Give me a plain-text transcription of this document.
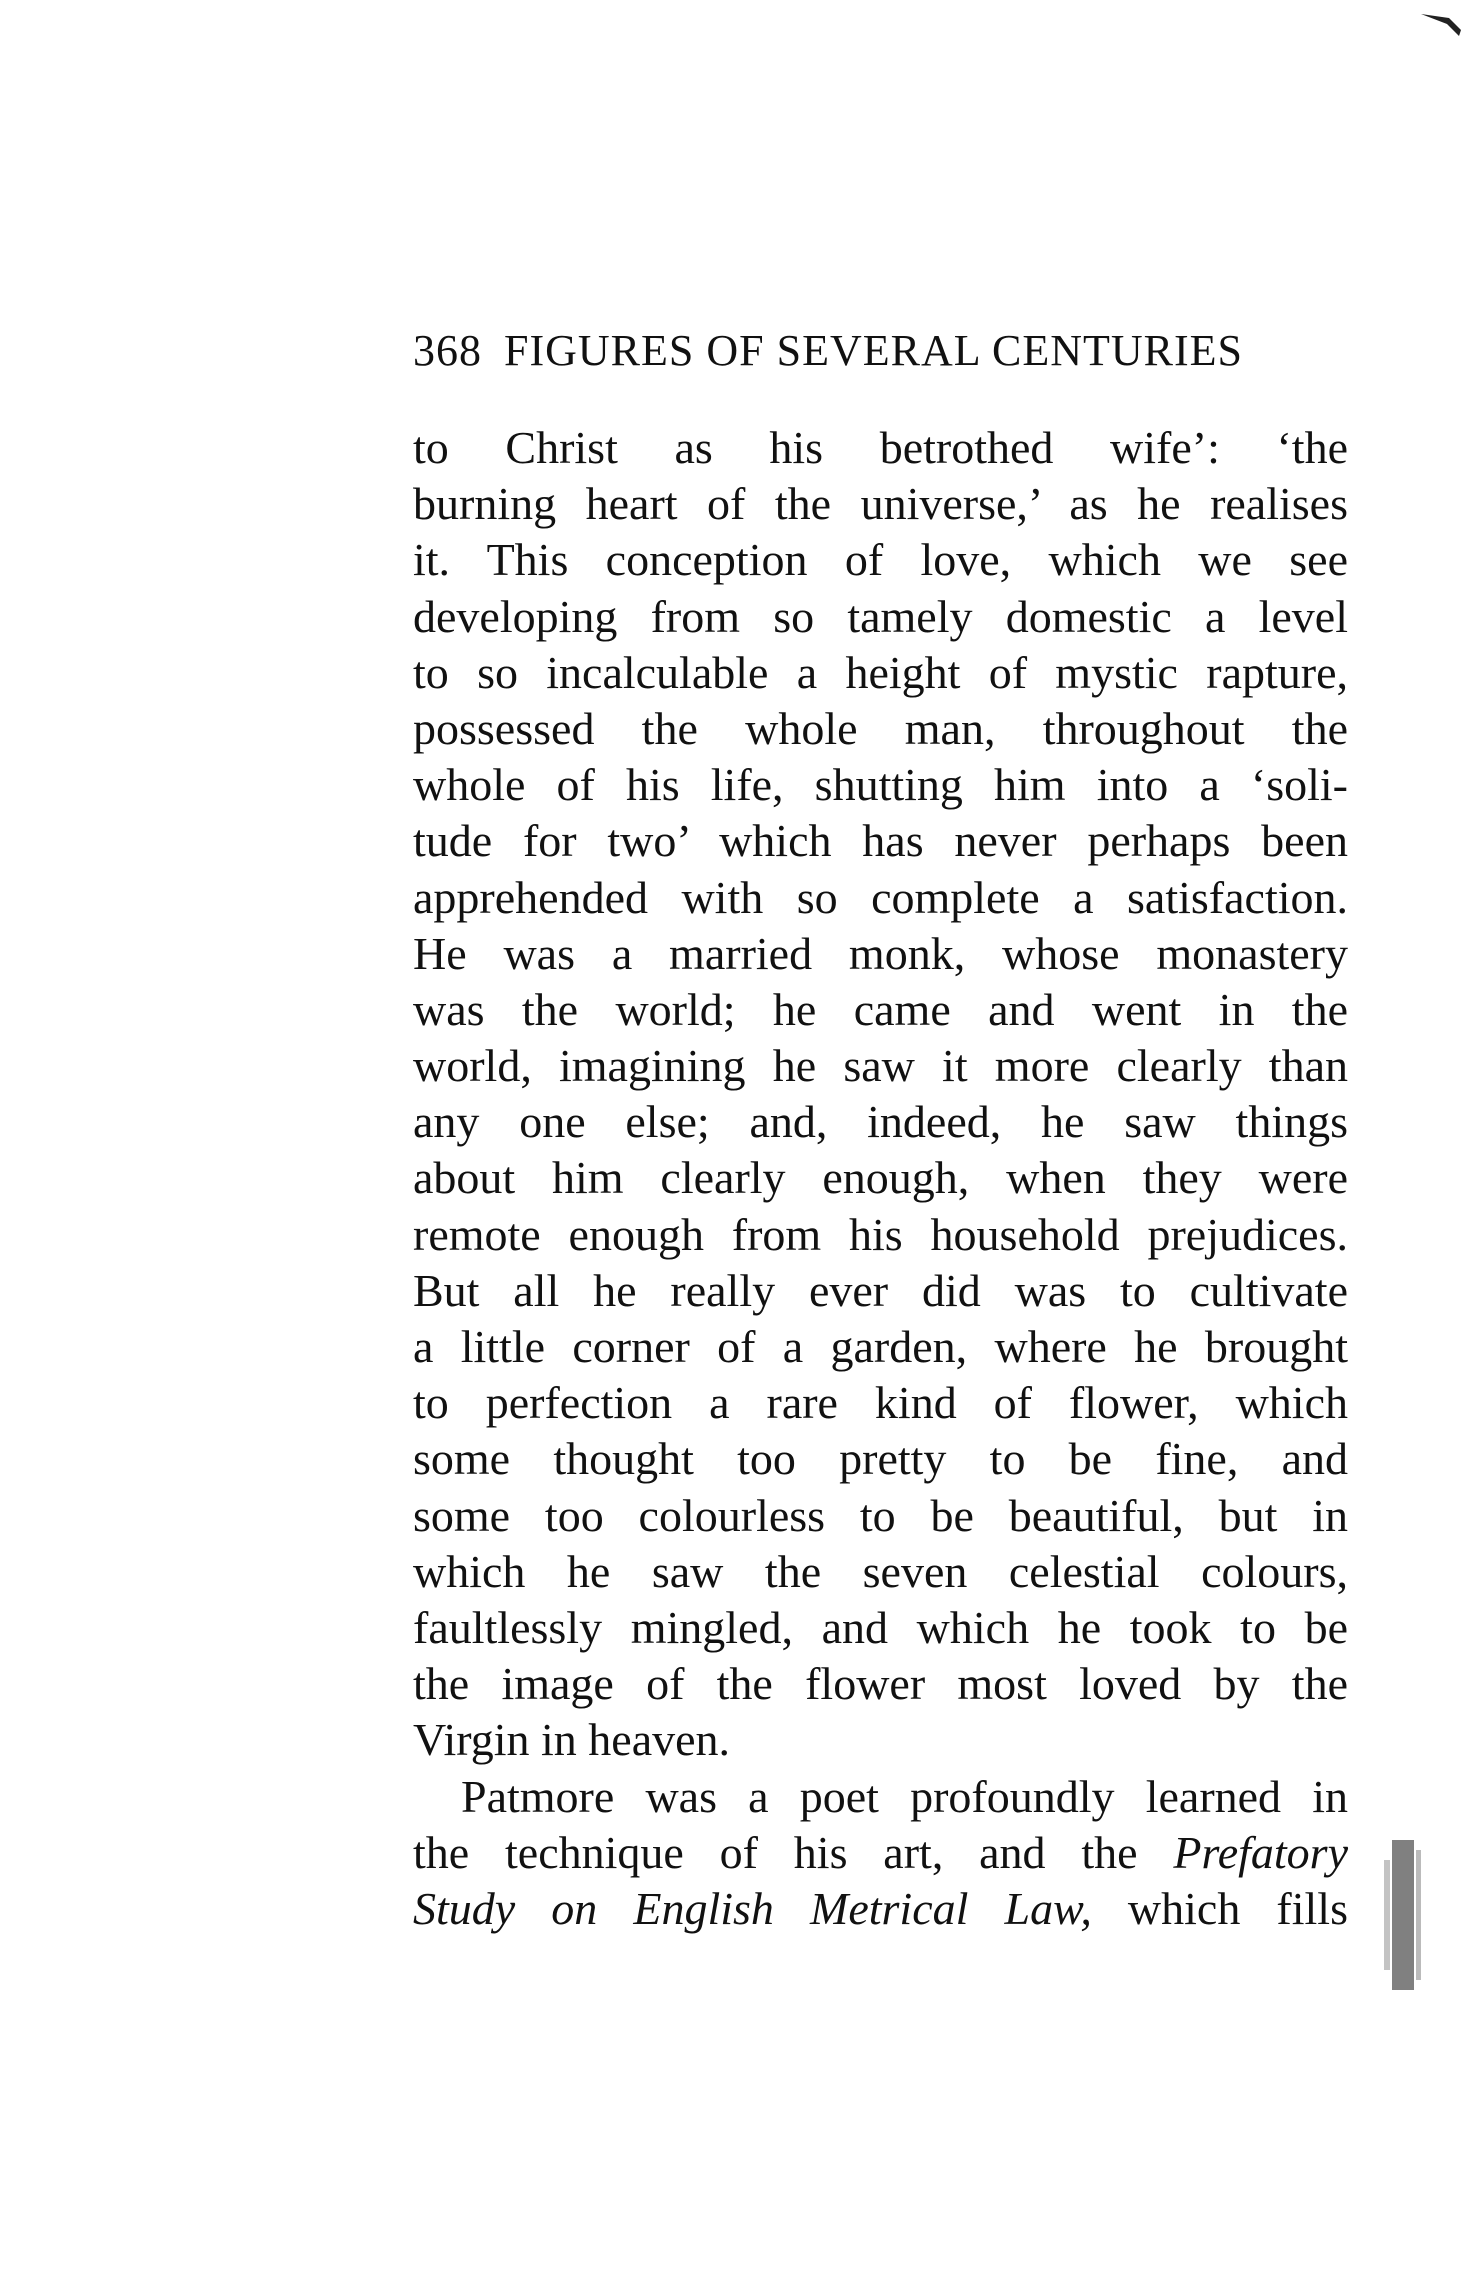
368 FIGURES OF SEVERAL CENTURIES
to Christ as his betrothed wife’: ‘the
burning heart of the universe,’ as he realises
it. This conception of love, which we see
developing from so tamely domestic a level
to so incalculable a height of mystic rapture,
possessed the whole man, throughout the
whole of his life, shutting him into a ‘soli-
tude for two’ which has never perhaps been
apprehended with so complete a satisfaction.
He was a married monk, whose monastery
was the world; he came and went in the
world, imagining he saw it more clearly than
any one else; and, indeed, he saw things
about him clearly enough, when they were
remote enough from his household prejudices.
But all he really ever did was to cultivate
a little corner of a garden, where he brought
to perfection a rare kind of flower, which
some thought too pretty to be fine, and
some too colourless to be beautiful, but in
which he saw the seven celestial colours,
faultlessly mingled, and which he took to be
the image of the flower most loved by the
Virgin in heaven.
Patmore was a poet profoundly learned in
the technique of his art, and the Prefatory
Study on English Metrical Law, which fills
